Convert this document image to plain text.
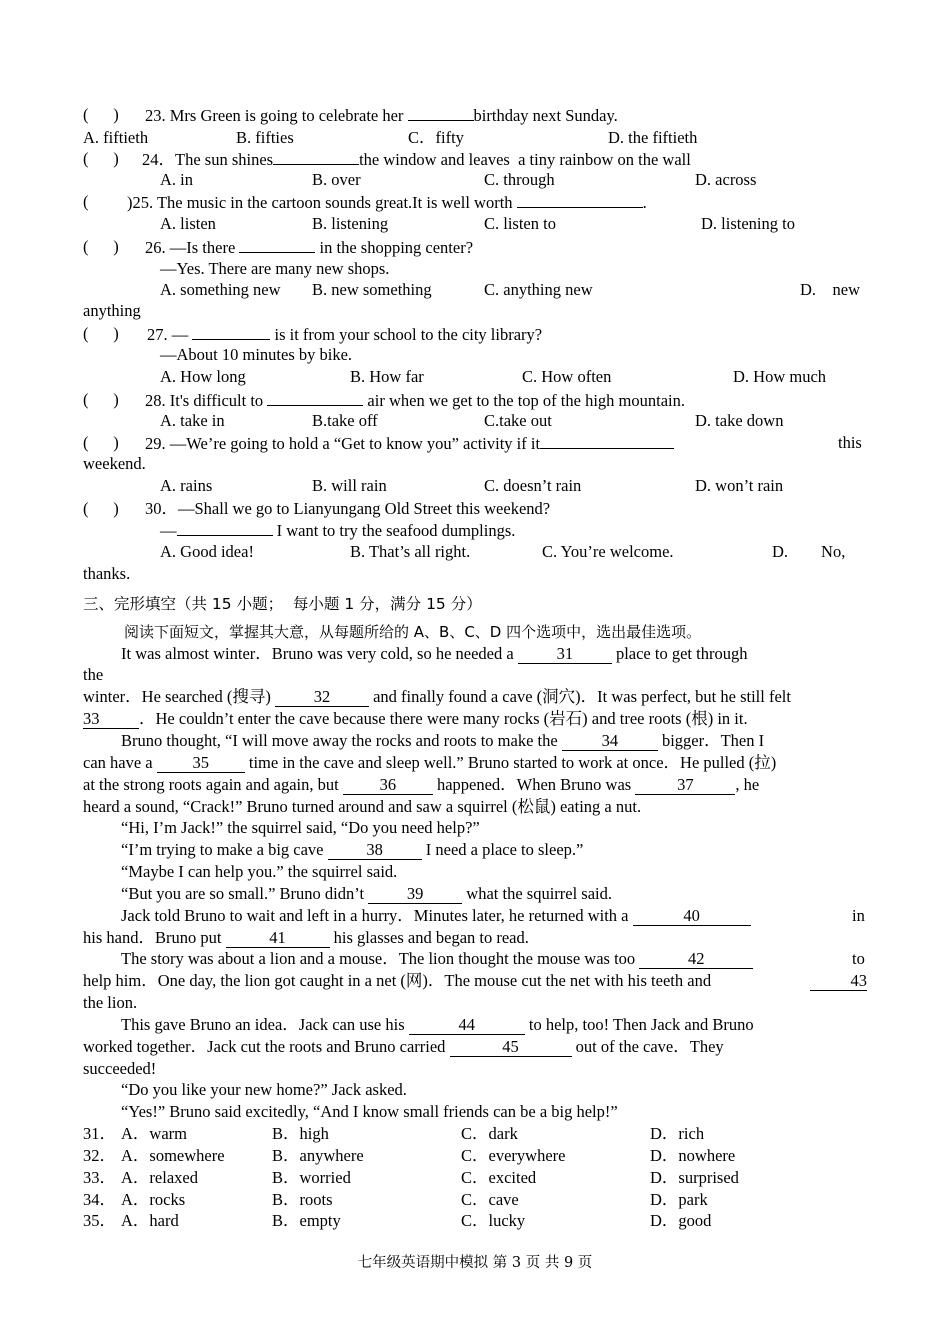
(      ) 23. Mrs Green is going to celebrate her	birthday next Sunday.
A. fiftieth	B. fifties	C．fifty	D. the fiftieth
(      ) 24．The sun shines	the window and leaves  a tiny rainbow on the wall
A. in	B. over	C. through	D. across
( )25. The music in the cartoon sounds great.It is well worth	.
A. listen	B. listening	C. listen to	D. listening to
(      ) 26. —Is there	in the shopping center?
—Yes. There are many new shops.
A. something new B. new something	C. anything new	D.    new
anything
(      ) 27. —	is it from your school to the city library?
—About 10 minutes by bike.
A. How long	B. How far	C. How often	D. How much
(      ) 28. It's difficult to	air when we get to the top of the high mountain.
A. take in	B.take off	C.take out	D. take down
(      ) 29. —We’re going to hold a “Get to know you” activity if it	this
weekend.
A. rains	B. will rain	C. doesn’t rain	D. won’t rain
(      ) 30．—Shall we go to Lianyungang Old Street this weekend?
—	I want to try the seafood dumplings.
A. Good idea!	B. That’s all right.	C. You’re welcome.	D.        No,
thanks.
三、完形填空（共 15 小题；  每小题 1 分，满分 15 分）
阅读下面短文，掌握其大意，从每题所给的 A、B、C、D 四个选项中，选出最佳选项。
It was almost winter．Bruno was very cold, so he needed a	31	place to get through
the
winter．He searched (搜寻)	32	and finally found a cave (洞穴)．It was perfect, but he still felt
33 ．He couldn’t enter the cave because there were many rocks (岩石) and tree roots (根) in it.
Bruno thought, “I will move away the rocks and roots to make the	34	bigger．Then I
can have a 35 time in the cave and sleep well.” Bruno started to work at once．He pulled (拉)
at the strong roots again and again, but 36 happened．When Bruno was	37	, he
heard a sound, “Crack!” Bruno turned around and saw a squirrel (松鼠) eating a nut.
“Hi, I’m Jack!” the squirrel said, “Do you need help?”
“I’m trying to make a big cave	38	I need a place to sleep.”
“Maybe I can help you.” the squirrel said.
“But you are so small.” Bruno didn’t	39	what the squirrel said.
Jack told Bruno to wait and left in a hurry．Minutes later, he returned with a	40	in
his hand．Bruno put	41	his glasses and began to read.
The story was about a lion and a mouse．The lion thought the mouse was too	42	to
help him．One day, the lion got caught in a net (网)．The mouse cut the net with his teeth and	43
the lion.
This gave Bruno an idea．Jack can use his	44	to help, too! Then Jack and Bruno
worked together．Jack cut the roots and Bruno carried	45	out of the cave．They
succeeded!
“Do you like your new home?” Jack asked.
“Yes!” Bruno said excitedly, “And I know small friends can be a big help!”
31． A．warm	B．high	C．dark	D．rich
32． A．somewhere	B．anywhere	C．everywhere	D．nowhere
33． A．relaxed	B．worried	C．excited	D．surprised
34． A．rocks	B．roots	C．cave	D．park
35． A．hard	B．empty	C．lucky	D．good
七年级英语期中模拟 第 3 页 共 9 页
